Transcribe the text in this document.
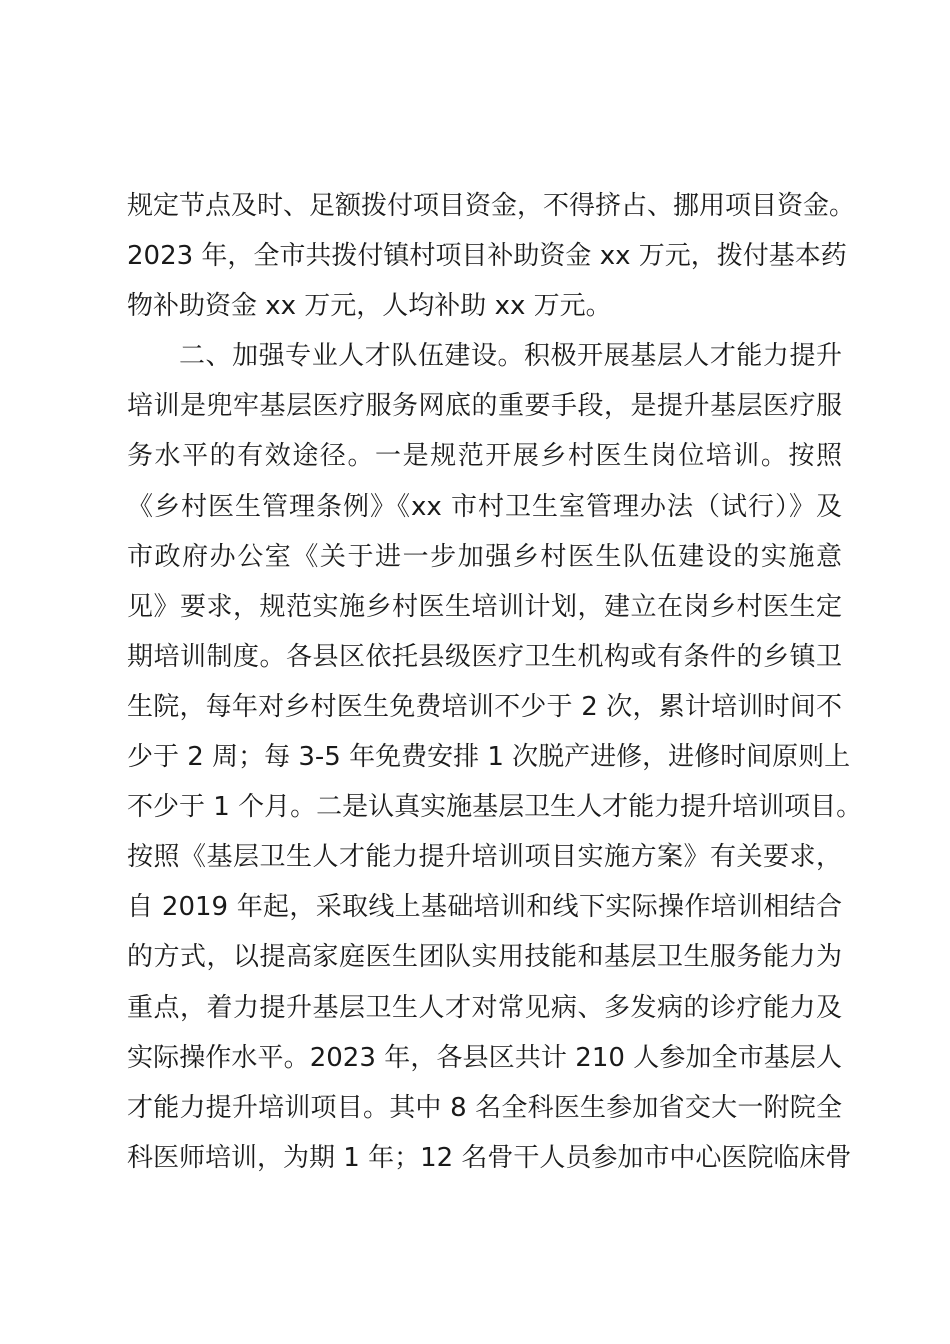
规定节点及时、足额拨付项目资金，不得挤占、挪用项目资金。
2023 年，全市共拨付镇村项目补助资金 xx 万元，拨付基本药
物补助资金 xx 万元，人均补助 xx 万元。
二、加强专业人才队伍建设。积极开展基层人才能力提升
培训是兜牢基层医疗服务网底的重要手段，是提升基层医疗服
务水平的有效途径。一是规范开展乡村医生岗位培训。按照
《乡村医生管理条例》《xx 市村卫生室管理办法（试行）》及
市政府办公室《关于进一步加强乡村医生队伍建设的实施意
见》要求，规范实施乡村医生培训计划，建立在岗乡村医生定
期培训制度。各县区依托县级医疗卫生机构或有条件的乡镇卫
生院，每年对乡村医生免费培训不少于 2 次，累计培训时间不
少于 2 周；每 3-5 年免费安排 1 次脱产进修，进修时间原则上
不少于 1 个月。二是认真实施基层卫生人才能力提升培训项目。
按照《基层卫生人才能力提升培训项目实施方案》有关要求，
自 2019 年起，采取线上基础培训和线下实际操作培训相结合
的方式，以提高家庭医生团队实用技能和基层卫生服务能力为
重点，着力提升基层卫生人才对常见病、多发病的诊疗能力及
实际操作水平。2023 年，各县区共计 210 人参加全市基层人
才能力提升培训项目。其中 8 名全科医生参加省交大一附院全
科医师培训，为期 1 年；12 名骨干人员参加市中心医院临床骨
